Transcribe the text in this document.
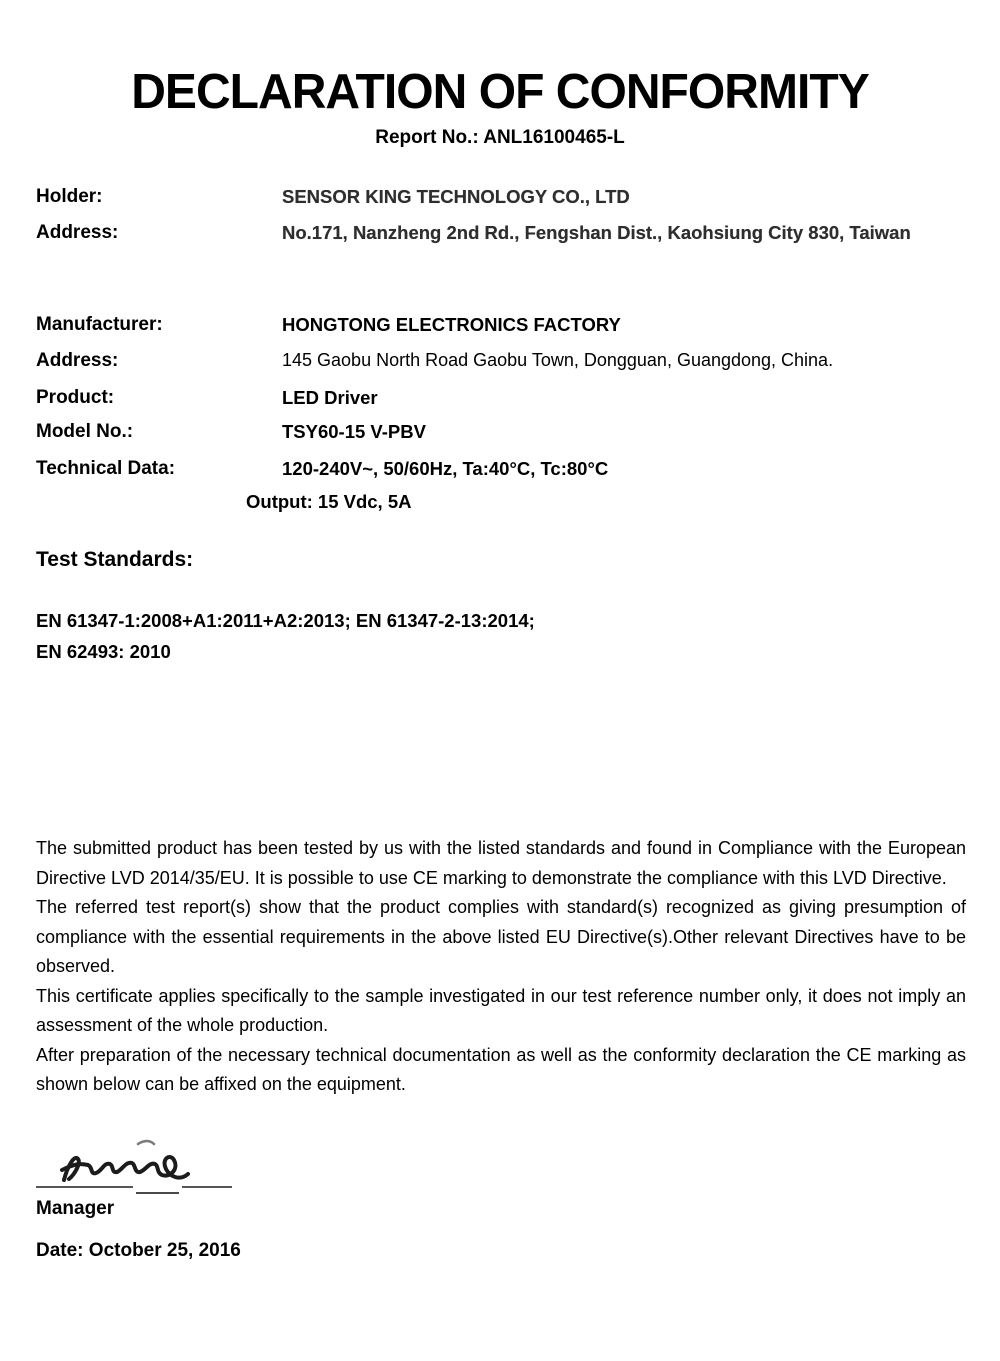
DECLARATION OF CONFORMITY
Report No.: ANL16100465-L
Holder:	SENSOR KING TECHNOLOGY CO., LTD
Address:	No.171, Nanzheng 2nd Rd., Fengshan Dist., Kaohsiung City 830, Taiwan
Manufacturer:	HONGTONG ELECTRONICS FACTORY
Address:	145 Gaobu North Road Gaobu Town, Dongguan, Guangdong, China.
Product:	LED Driver
Model No.:	TSY60-15 V-PBV
Technical Data:	120-240V~, 50/60Hz, Ta:40°C, Tc:80°C
Output: 15 Vdc, 5A
Test Standards:
EN 61347-1:2008+A1:2011+A2:2013; EN 61347-2-13:2014;
EN 62493: 2010

The submitted product has been tested by us with the listed standards and found in Compliance with the European Directive LVD 2014/35/EU. It is possible to use CE marking to demonstrate the compliance with this LVD Directive.

The referred test report(s) show that the product complies with standard(s) recognized as giving presumption of compliance with the essential requirements in the above listed EU Directive(s).Other relevant Directives have to be observed.

This certificate applies specifically to the sample investigated in our test reference number only, it does not imply an assessment of the whole production.

After preparation of the necessary technical documentation as well as the conformity declaration the CE marking as shown below can be affixed on the equipment.

Manager
Date: October 25, 2016
